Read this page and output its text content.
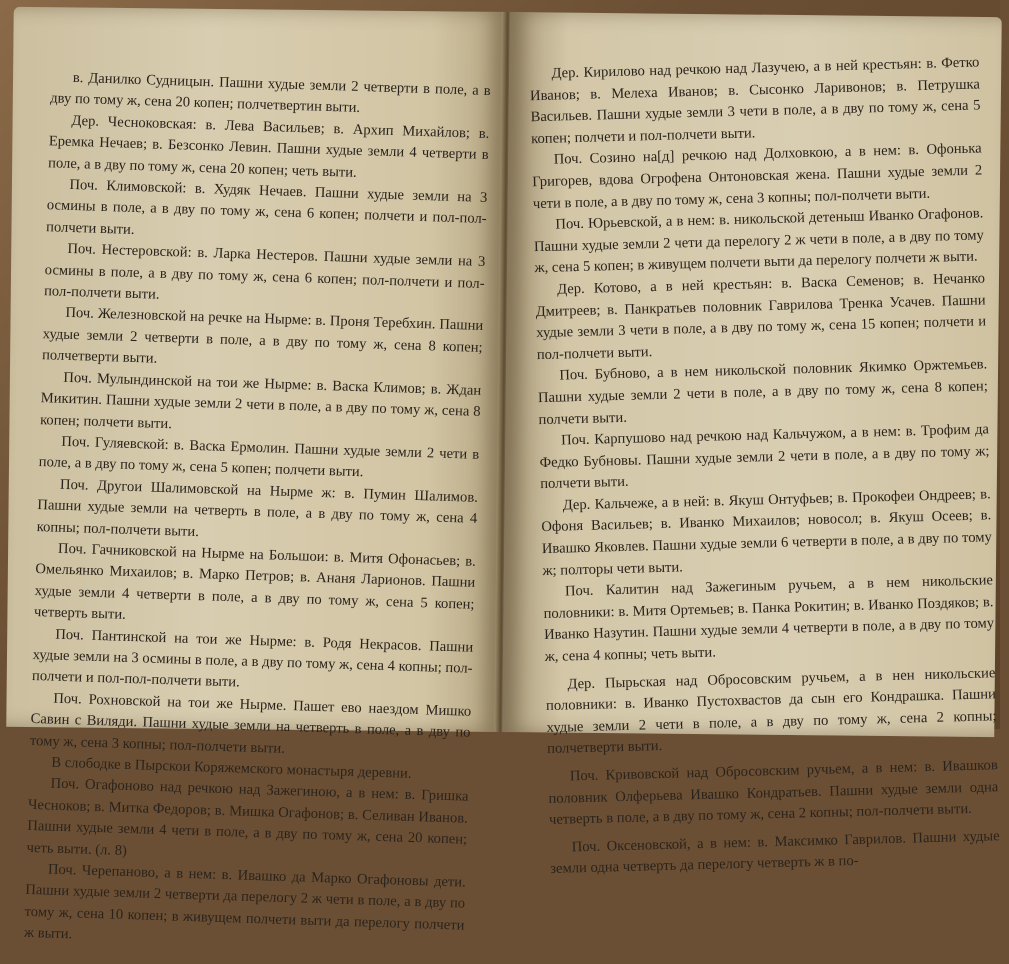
в. Данилко Судницын. Пашни худые земли 2 четверти в поле, а в дву по тому ж, сена 20 копен; полчетвертин выти.

Дер. Чесноковская: в. Лева Васильев; в. Архип Михайлов; в. Еремка Нечаев; в. Безсонко Левин. Пашни худые земли 4 четверти в поле, а в дву по тому ж, сена 20 копен; четь выти.

Поч. Климовской: в. Худяк Нечаев. Пашни худые земли на 3 осмины в поле, а в дву по тому ж, сена 6 копен; полчети и пол-пол-полчети выти.

Поч. Нестеровской: в. Ларка Нестеров. Пашни худые земли на 3 осмины в поле, а в дву по тому ж, сена 6 копен; пол-полчети и пол-пол-полчети выти.

Поч. Железновской на речке на Нырме: в. Проня Теребхин. Пашни худые земли 2 четверти в поле, а в дву по тому ж, сена 8 копен; полчетверти выти.

Поч. Мулындинской на тои же Нырме: в. Васка Климов; в. Ждан Микитин. Пашни худые земли 2 чети в поле, а в дву по тому ж, сена 8 копен; полчети выти.

Поч. Гуляевской: в. Васка Ермолин. Пашни худые земли 2 чети в поле, а в дву по тому ж, сена 5 копен; полчети выти.

Поч. Другои Шалимовской на Нырме ж: в. Пумин Шалимов. Пашни худые земли на четверть в поле, а в дву по тому ж, сена 4 копны; пол-полчети выти.

Поч. Гачниковской на Нырме на Большои: в. Митя Офонасьев; в. Омельянко Михаилов; в. Марко Петров; в. Ананя Ларионов. Пашни худые земли 4 четверти в поле, а в дву по тому ж, сена 5 копен; четверть выти.

Поч. Пантинской на тои же Нырме: в. Родя Некрасов. Пашни худые земли на 3 осмины в поле, а в дву по тому ж, сена 4 копны; пол-полчети и пол-пол-полчети выти.

Поч. Рохновской на тои же Нырме. Пашет ево наездом Мишко Савин с Виляди. Пашни худые земли на четверть в поле, а в дву по тому ж, сена 3 копны; пол-полчети выти.

В слободке в Пырскои Коряжемского монастыря деревни.

Поч. Огафоново над речкою над Зажегиною, а в нем: в. Гришка Чесноков; в. Митка Федоров; в. Мишка Огафонов; в. Селиван Иванов. Пашни худые земли 4 чети в поле, а в дву по тому ж, сена 20 копен; четь выти. (л. 8)

Поч. Черепаново, а в нем: в. Ивашко да Марко Огафоновы дети. Пашни худые земли 2 четверти да перелогу 2 ж чети в поле, а в дву по тому ж, сена 10 копен; в живущем полчети выти да перелогу полчети ж выти.

Дер. Кирилово над речкою над Лазучею, а в ней крестьян: в. Фетко Иванов; в. Мелеха Иванов; в. Сысонко Ларивонов; в. Петрушка Васильев. Пашни худые земли 3 чети в поле, а в дву по тому ж, сена 5 копен; полчети и пол-полчети выти.

Поч. Созино на[д] речкою над Долховкою, а в нем: в. Офонька Григорев, вдова Огрофена Онтоновская жена. Пашни худые земли 2 чети в поле, а в дву по тому ж, сена 3 копны; пол-полчети выти.

Поч. Юрьевской, а в нем: в. никольской детеныш Иванко Огафонов. Пашни худые земли 2 чети да перелогу 2 ж чети в поле, а в дву по тому ж, сена 5 копен; в живущем полчети выти да перелогу полчети ж выти.

Дер. Котово, а в ней крестьян: в. Васка Семенов; в. Нечанко Дмитреев; в. Панкратьев половник Гаврилова Тренка Усачев. Пашни худые земли 3 чети в поле, а в дву по тому ж, сена 15 копен; полчети и пол-полчети выти.

Поч. Бубново, а в нем никольской половник Якимко Оржтемьев. Пашни худые земли 2 чети в поле, а в дву по тому ж, сена 8 копен; полчети выти.

Поч. Карпушово над речкою над Кальчужом, а в нем: в. Трофим да Федко Бубновы. Пашни худые земли 2 чети в поле, а в дву по тому ж; полчети выти.

Дер. Кальчеже, а в ней: в. Якуш Онтуфьев; в. Прокофеи Ондреев; в. Офоня Васильев; в. Иванко Михаилов; новосол; в. Якуш Осеев; в. Ивашко Яковлев. Пашни худые земли 6 четверти в поле, а в дву по тому ж; полторы чети выти.

Поч. Калитин над Зажегиным ручьем, а в нем никольские половники: в. Митя Ортемьев; в. Панка Рокитин; в. Иванко Поздяков; в. Иванко Назутин. Пашни худые земли 4 четверти в поле, а в дву по тому ж, сена 4 копны; четь выти.

Дер. Пырьская над Обросовским ручьем, а в нен никольские половники: в. Иванко Пустохвастов да сын его Кондрашка. Пашни худые земли 2 чети в поле, а в дву по тому ж, сена 2 копны; полчетверти выти.

Поч. Кривовской над Обросовским ручьем, а в нем: в. Ивашков половник Олферьева Ивашко Кондратьев. Пашни худые земли одна четверть в поле, а в дву по тому ж, сена 2 копны; пол-полчети выти.

Поч. Оксеновской, а в нем: в. Максимко Гаврилов. Пашни худые земли одна четверть да перелогу четверть ж в по-
